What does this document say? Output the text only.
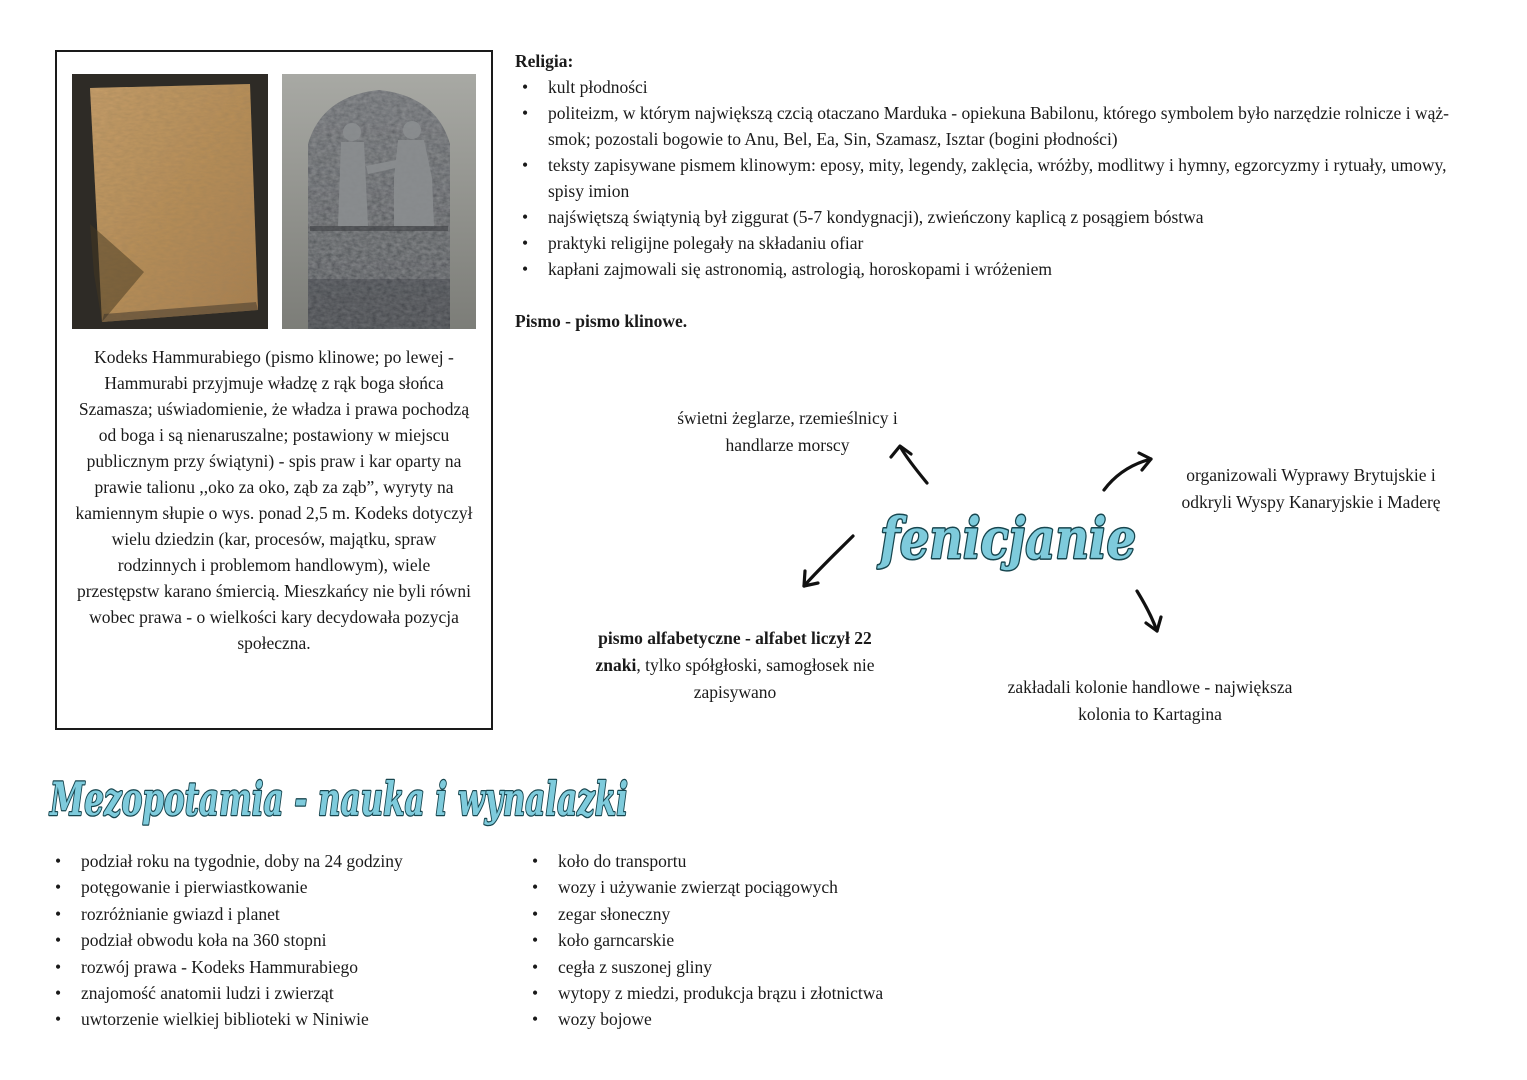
Kodeks Hammurabiego (pismo klinowe; po lewej - Hammurabi przyjmuje władzę z rąk boga słońca Szamasza; uświadomienie, że władza i prawa pochodzą od boga i są nienaruszalne; postawiony w miejscu publicznym przy świątyni) - spis praw i kar oparty na prawie talionu ,,oko za oko, ząb za ząb”, wyryty na kamiennym słupie o wys. ponad 2,5 m. Kodeks dotyczył wielu dziedzin (kar, procesów, majątku, spraw rodzinnych i problemom handlowym), wiele przestępstw karano śmiercią. Mieszkańcy nie byli równi wobec prawa - o wielkości kary decydowała pozycja społeczna.
Religia:
• kult płodności
• politeizm, w którym największą czcią otaczano Marduka - opiekuna Babilonu, którego symbolem było narzędzie rolnicze i wąż-smok; pozostali bogowie to Anu, Bel, Ea, Sin, Szamasz, Isztar (bogini płodności)
• teksty zapisywane pismem klinowym: eposy, mity, legendy, zaklęcia, wróżby, modlitwy i hymny, egzorcyzmy i rytuały, umowy, spisy imion
• najświętszą świątynią był ziggurat (5-7 kondygnacji), zwieńczony kaplicą z posągiem bóstwa
• praktyki religijne polegały na składaniu ofiar
• kapłani zajmowali się astronomią, astrologią, horoskopami i wróżeniem
Pismo - pismo klinowe.
świetni żeglarze, rzemieślnicy i handlarze morscy
organizowali Wyprawy Brytujskie i odkryli Wyspy Kanaryjskie i Maderę
pismo alfabetyczne - alfabet liczył 22 znaki, tylko spółgłoski, samogłosek nie zapisywano	zakładali kolonie handlowe - największa kolonia to Kartagina
fenicjanie
Mezopotamia - nauka i wynalazki
• podział roku na tygodnie, doby na 24 godziny
• potęgowanie i pierwiastkowanie
• rozróżnianie gwiazd i planet
• podział obwodu koła na 360 stopni
• rozwój prawa - Kodeks Hammurabiego
• znajomość anatomii ludzi i zwierząt
• uwtorzenie wielkiej biblioteki w Niniwie
• koło do transportu
• wozy i używanie zwierząt pociągowych
• zegar słoneczny
• koło garncarskie
• cegła z suszonej gliny
• wytopy z miedzi, produkcja brązu i złotnictwa
• wozy bojowe
